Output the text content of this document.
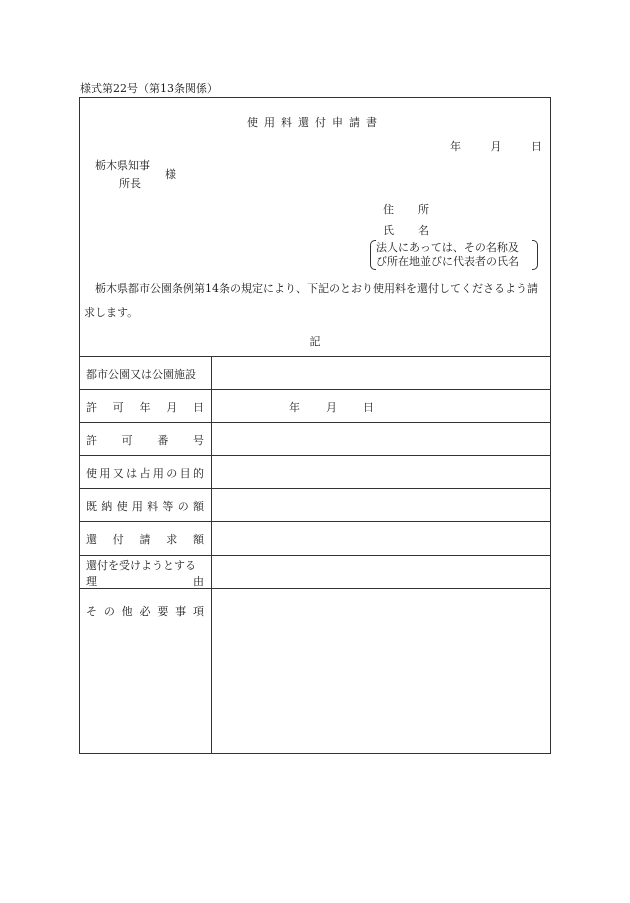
様式第22号（第13条関係）
使用料還付申請書
年	月	日
栃木県知事
所長
様
住 所
氏 名
法人にあっては、その名称及
び所在地並びに代表者の氏名
栃木県都市公園条例第14条の規定により、下記のとおり使用料を還付してくださるよう請求します。
記
都市公園又は公園施設
許 可 年 月 日	年 月 日
許 可 番 号
使 用 又 は 占 用 の 目 的
既 納 使 用 料 等 の 額
還 付 請 求 額
還付を受けようとする
理	由
そ の 他 必 要 事 項
